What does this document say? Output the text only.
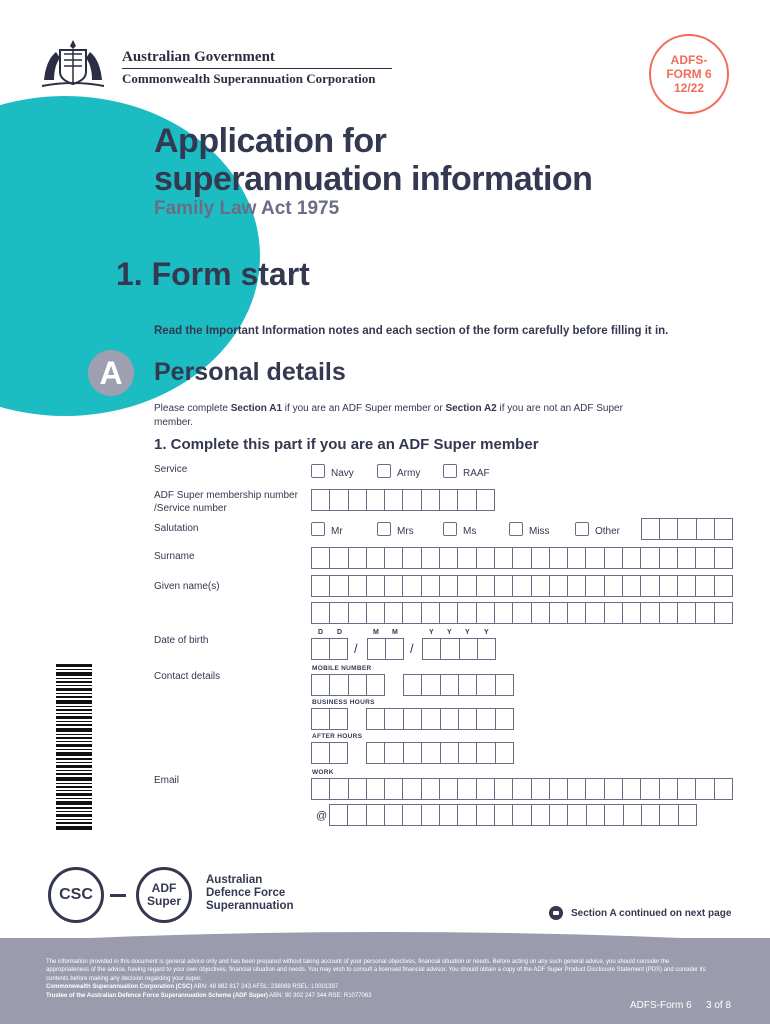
Australian Government
Commonwealth Superannuation Corporation
ADFS-
FORM 6
12/22
Application for
superannuation information
Family Law Act 1975
1. Form start
Read the Important Information notes and each section of the form carefully before filling it in.
A	Personal details
Please complete Section A1 if you are an ADF Super member or Section A2 if you are not an ADF Super member.
1. Complete this part if you are an ADF Super member
Service	Navy	Army	RAAF
ADF Super membership number
/Service number
Salutation	Mr	Mrs	Ms	Miss	Other
Surname
Given name(s)
Date of birth
D D	M M	Y Y Y Y
/	/
Contact details
MOBILE NUMBER
BUSINESS HOURS
AFTER HOURS
Email
WORK
@
CSC	ADF
Super
Australian
Defence Force
Superannuation
Section A continued on next page
The information provided in this document is general advice only and has been prepared without taking account of your personal objectives, financial situation or needs. Before acting on any such general advice, you should consider the appropriateness of the advice, having regard to your own objectives, financial situation and needs. You may wish to consult a licensed financial advisor. You should obtain a copy of the ADF Super Product Disclosure Statement (PDS) and consider its contents before making any decision regarding your super.
Commonwealth Superannuation Corporation (CSC) ABN: 48 882 817 243 AFSL: 238069 RSEL: L0001397
Trustee of the Australian Defence Force Superannuation Scheme (ADF Super) ABN: 90 302 247 344 RSE: R1077063
ADFS-Form 6 3 of 8
